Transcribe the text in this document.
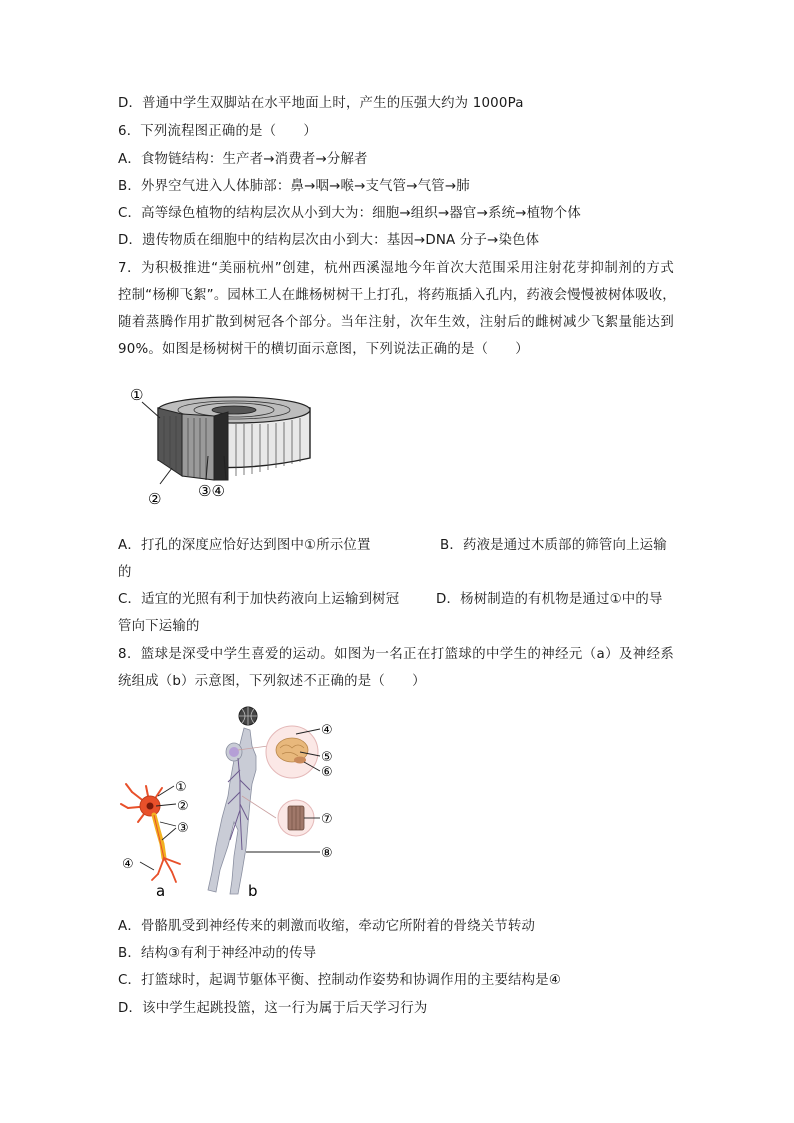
D．普通中学生双脚站在水平地面上时，产生的压强大约为 1000Pa
6．下列流程图正确的是（　　）
A．食物链结构：生产者→消费者→分解者
B．外界空气进入人体肺部：鼻→咽→喉→支气管→气管→肺
C．高等绿色植物的结构层次从小到大为：细胞→组织→器官→系统→植物个体
D．遗传物质在细胞中的结构层次由小到大：基因→DNA 分子→染色体
7．为积极推进“美丽杭州”创建，杭州西溪湿地今年首次大范围采用注射花芽抑制剂的方式
控制“杨柳飞絮”。园林工人在雌杨树树干上打孔，将药瓶插入孔内，药液会慢慢被树体吸收，
随着蒸腾作用扩散到树冠各个部分。当年注射，次年生效，注射后的雌树减少飞絮量能达到
90%。如图是杨树树干的横切面示意图，下列说法正确的是（　　）
①
② ③④
A．打孔的深度应恰好达到图中①所示位置	B．药液是通过木质部的筛管向上运输
的
C．适宜的光照有利于加快药液向上运输到树冠	D．杨树制造的有机物是通过①中的导
管向下运输的
8．篮球是深受中学生喜爱的运动。如图为一名正在打篮球的中学生的神经元（a）及神经系
统组成（b）示意图，下列叙述不正确的是（　　）
①
②
③
④
a
④
⑤
⑥
⑦
⑧
b
A．骨骼肌受到神经传来的刺激而收缩，牵动它所附着的骨绕关节转动
B．结构③有利于神经冲动的传导
C．打篮球时，起调节躯体平衡、控制动作姿势和协调作用的主要结构是④
D．该中学生起跳投篮，这一行为属于后天学习行为
